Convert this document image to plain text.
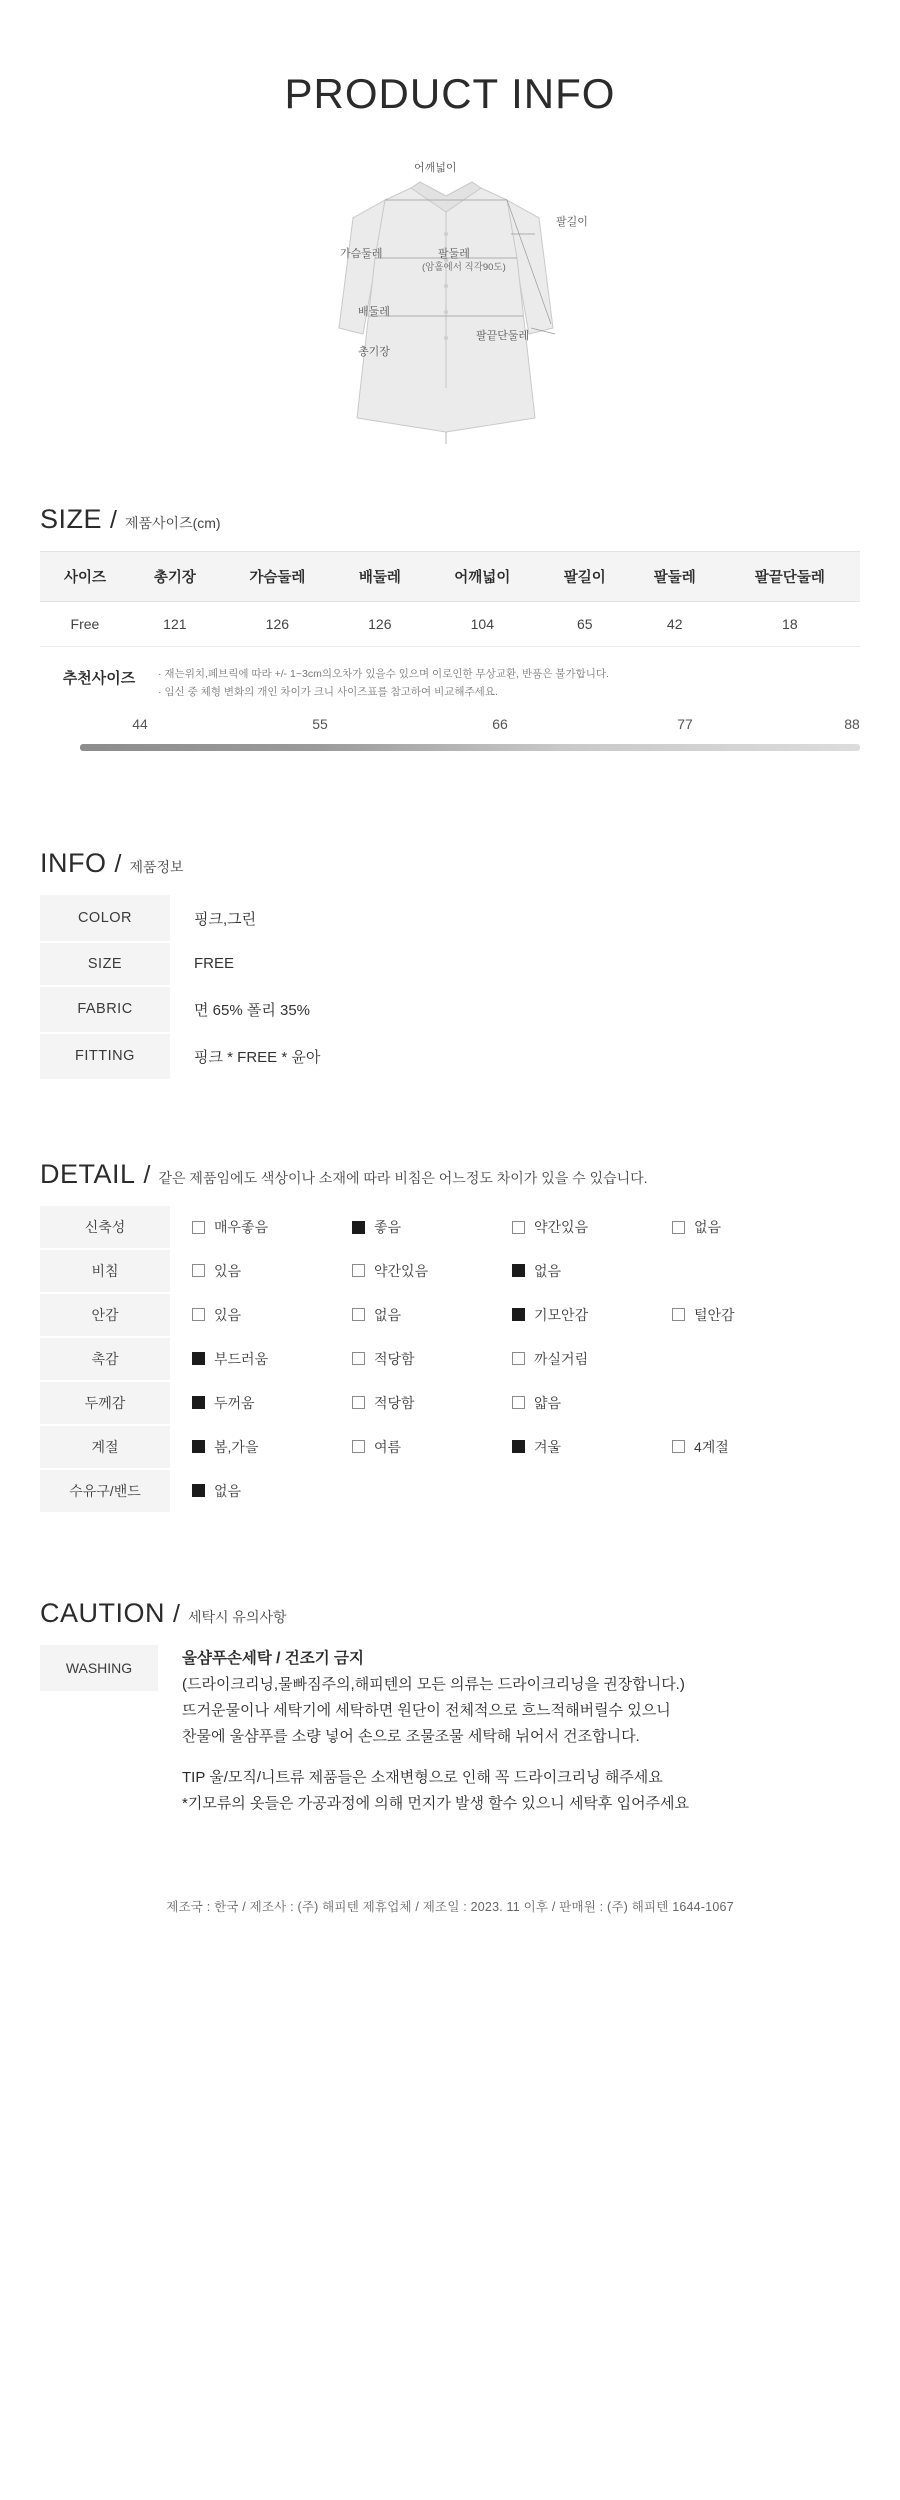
PRODUCT INFO
어깨넓이
팔길이
가슴둘레	팔둘레
(암홀에서 직각90도)
배둘레
팔끝단둘레
총기장
SIZE / 제품사이즈(cm)
사이즈	총기장	가슴둘레	배둘레	어깨넓이	팔길이	팔둘레	팔끝단둘레
Free	121	126	126	104	65	42	18
추천사이즈	· 재는위치,페브릭에 따라 +/- 1~3cm의오차가 있을수 있으며 이로인한 무상교환, 반품은 불가합니다.
· 임신 중 체형 변화의 개인 차이가 크니 사이즈표를 참고하여 비교해주세요.
44	55	66	77	88
INFO / 제품정보
COLOR	핑크,그린
SIZE	FREE
FABRIC	면 65% 폴리 35%
FITTING	핑크 * FREE * 윤아
DETAIL / 같은 제품임에도 색상이나 소재에 따라 비침은 어느정도 차이가 있을 수 있습니다.
신축성	매우좋음 좋음 약간있음 없음

비침	있음 약간있음 없음

안감	있음 없음 기모안감 털안감

촉감	부드러움 적당함 까실거림

두께감	두꺼움 적당함 얇음

계절	봄,가을 여름 겨울 4계절

수유구/밴드	없음
CAUTION / 세탁시 유의사항
WASHING
울샴푸손세탁 / 건조기 금지
(드라이크리닝,물빠짐주의,해피텐의 모든 의류는 드라이크리닝을 권장합니다.)
뜨거운물이나 세탁기에 세탁하면 원단이 전체적으로 흐느적해버릴수 있으니
찬물에 울샴푸를 소량 넣어 손으로 조물조물 세탁해 뉘어서 건조합니다.
TIP 울/모직/니트류 제품들은 소재변형으로 인해 꼭 드라이크리닝 해주세요
*기모류의 옷들은 가공과정에 의해 먼지가 발생 할수 있으니 세탁후 입어주세요
제조국 : 한국 / 제조사 : (주) 해피텐 제휴업체 / 제조일 : 2023. 11 이후 / 판매원 : (주) 해피텐 1644-1067
